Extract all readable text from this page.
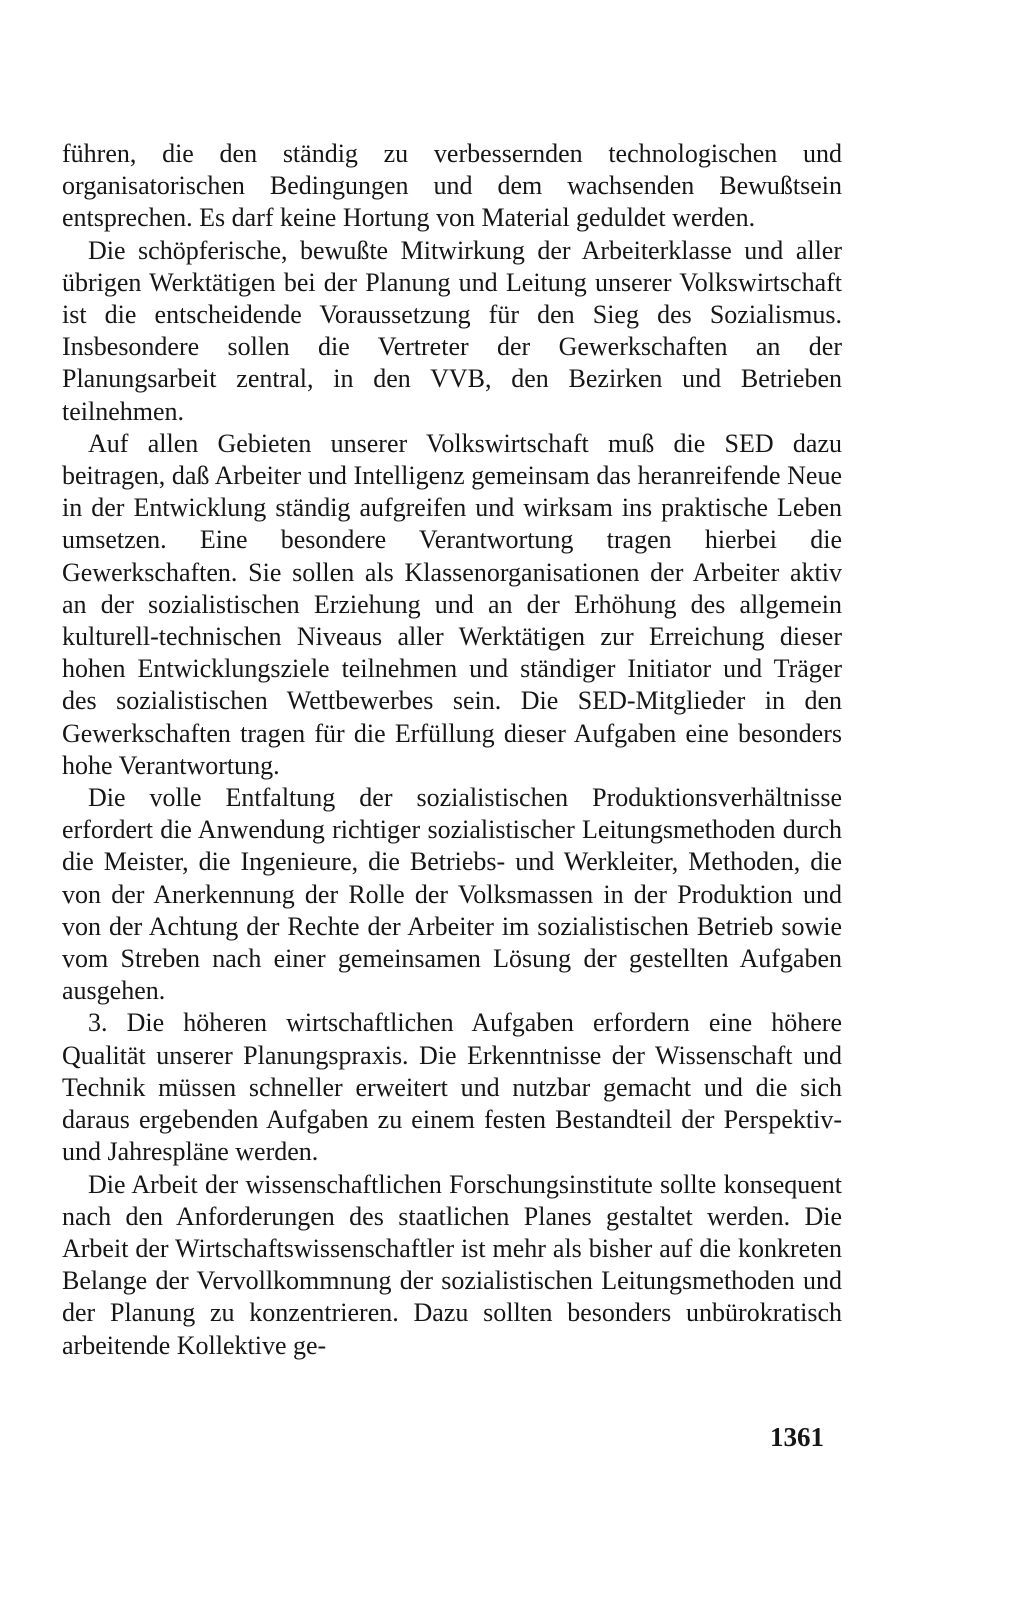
führen, die den ständig zu verbessernden technologischen und organisatorischen Bedingungen und dem wachsenden Bewußtsein entsprechen. Es darf keine Hortung von Material geduldet werden.

Die schöpferische, bewußte Mitwirkung der Arbeiterklasse und aller übrigen Werktätigen bei der Planung und Leitung unserer Volkswirtschaft ist die entscheidende Voraussetzung für den Sieg des Sozialismus. Insbesondere sollen die Vertreter der Gewerkschaften an der Planungsarbeit zentral, in den VVB, den Bezirken und Betrieben teilnehmen.

Auf allen Gebieten unserer Volkswirtschaft muß die SED dazu beitragen, daß Arbeiter und Intelligenz gemeinsam das heranreifende Neue in der Entwicklung ständig aufgreifen und wirksam ins praktische Leben umsetzen. Eine besondere Verantwortung tragen hierbei die Gewerkschaften. Sie sollen als Klassenorganisationen der Arbeiter aktiv an der sozialistischen Erziehung und an der Erhöhung des allgemein kulturell-technischen Niveaus aller Werktätigen zur Erreichung dieser hohen Entwicklungsziele teilnehmen und ständiger Initiator und Träger des sozialistischen Wettbewerbes sein. Die SED-Mitglieder in den Gewerkschaften tragen für die Erfüllung dieser Aufgaben eine besonders hohe Verantwortung.

Die volle Entfaltung der sozialistischen Produktionsverhältnisse erfordert die Anwendung richtiger sozialistischer Leitungsmethoden durch die Meister, die Ingenieure, die Betriebs- und Werkleiter, Methoden, die von der Anerkennung der Rolle der Volksmassen in der Produktion und von der Achtung der Rechte der Arbeiter im sozialistischen Betrieb sowie vom Streben nach einer gemeinsamen Lösung der gestellten Aufgaben ausgehen.

3. Die höheren wirtschaftlichen Aufgaben erfordern eine höhere Qualität unserer Planungspraxis. Die Erkenntnisse der Wissenschaft und Technik müssen schneller erweitert und nutzbar gemacht und die sich daraus ergebenden Aufgaben zu einem festen Bestandteil der Perspektiv- und Jahrespläne werden.

Die Arbeit der wissenschaftlichen Forschungsinstitute sollte konsequent nach den Anforderungen des staatlichen Planes gestaltet werden. Die Arbeit der Wirtschaftswissenschaftler ist mehr als bisher auf die konkreten Belange der Vervollkommnung der sozialistischen Leitungsmethoden und der Planung zu konzentrieren. Dazu sollten besonders unbürokratisch arbeitende Kollektive ge-

1361
